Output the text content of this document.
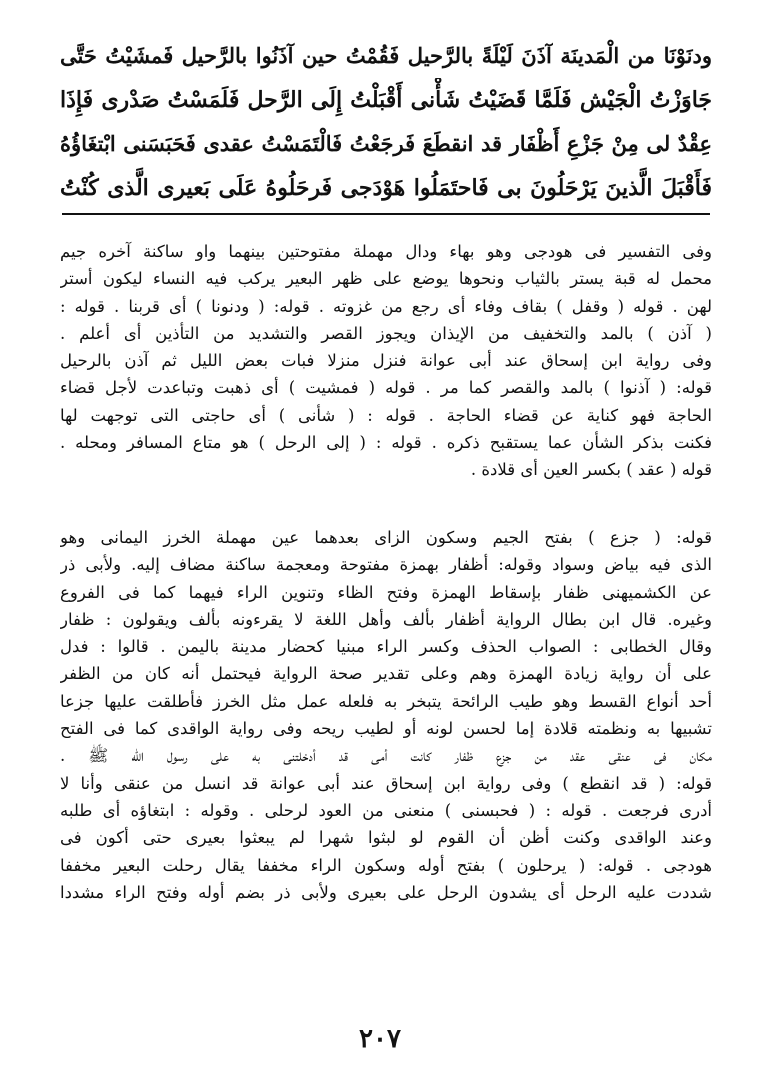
ودنَوْنَا من الْمَدينَة آذَنَ لَيْلَةً بالرَّحيل فَقُمْتُ حين آذَنُوا بالرَّحيل فَمشَيْتُ حَتَّى
جَاوَزْتُ الْجَيْش فَلَمَّا قَضَيْتُ شَأْنى أَقْبَلْتُ إِلَى الرَّحل فَلَمَسْتُ صَدْرى فَإِذَا
عِقْدٌ لى مِنْ جَزْعِ أَظْفَار قد انقطَعَ فَرجَعْتُ فَالْتَمَسْتُ عقدى فَحَبَسَنى ابْتغَاؤُهُ
فَأَقْبَلَ الَّذينَ يَرْحَلُونَ بى فَاحتَمَلُوا هَوْدَجى فَرحَلُوهُ عَلَى بَعيرى الَّذى كُنْتُ
وفى التفسير فى هودجى وهو بهاء ودال مهملة مفتوحتين بينهما واو ساكنة آخره جيم
محمل له قبة يستر بالثياب ونحوها يوضع على ظهر البعير يركب فيه النساء ليكون أستر
لهن . قوله ( وقفل ) بقاف وفاء أى رجع من غزوته . قوله: ( ودنونا ) أى قربنا . قوله :
( آذن ) بالمد والتخفيف من الإيذان ويجوز القصر والتشديد من التأذين أى أعلم .
وفى رواية ابن إسحاق عند أبى عوانة فنزل منزلا فبات بعض الليل ثم آذن بالرحيل
قوله: ( آذنوا ) بالمد والقصر كما مر . قوله ( فمشيت ) أى ذهبت وتباعدت لأجل قضاء
الحاجة فهو كناية عن قضاء الحاجة . قوله : ( شأنى ) أى حاجتى التى توجهت لها
فكنت بذكر الشأن عما يستقبح ذكره . قوله : ( إلى الرحل ) هو متاع المسافر ومحله .
قوله ( عقد ) بكسر العين أى قلادة .
قوله: ( جزع ) بفتح الجيم وسكون الزاى بعدهما عين مهملة الخرز اليمانى وهو
الذى فيه بياض وسواد وقوله: أظفار بهمزة مفتوحة ومعجمة ساكنة مضاف إليه. ولأبى ذر
عن الكشميهنى ظفار بإسقاط الهمزة وفتح الظاء وتنوين الراء فيهما كما فى الفروع
وغيره. قال ابن بطال الرواية أظفار بألف وأهل اللغة لا يقرءونه بألف ويقولون : ظفار
وقال الخطابى : الصواب الحذف وكسر الراء مبنيا كحضار مدينة باليمن . قالوا : فدل
على أن رواية زيادة الهمزة وهم وعلى تقدير صحة الرواية فيحتمل أنه كان من الظفر
أحد أنواع القسط وهو طيب الرائحة يتبخر به فلعله عمل مثل الخرز فأطلقت عليها جزعا
تشبيها به ونظمته قلادة إما لحسن لونه أو لطيب ريحه وفى رواية الواقدى كما فى الفتح
مكان فى عنقى عقد من جزع ظفار كانت أمى قد أدخلتنى به على رسول الله ﷺ .
قوله: ( قد انقطع ) وفى رواية ابن إسحاق عند أبى عوانة قد انسل من عنقى وأنا لا
أدرى فرجعت . قوله : ( فحبسنى ) منعنى من العود لرحلى . وقوله : ابتغاؤه أى طلبه
وعند الواقدى وكنت أظن أن القوم لو لبثوا شهرا لم يبعثوا بعيرى حتى أكون فى
هودجى . قوله: ( يرحلون ) بفتح أوله وسكون الراء مخففا يقال رحلت البعير مخففا
شددت عليه الرحل أى يشدون الرحل على بعيرى ولأبى ذر بضم أوله وفتح الراء مشددا
٢٠٧
